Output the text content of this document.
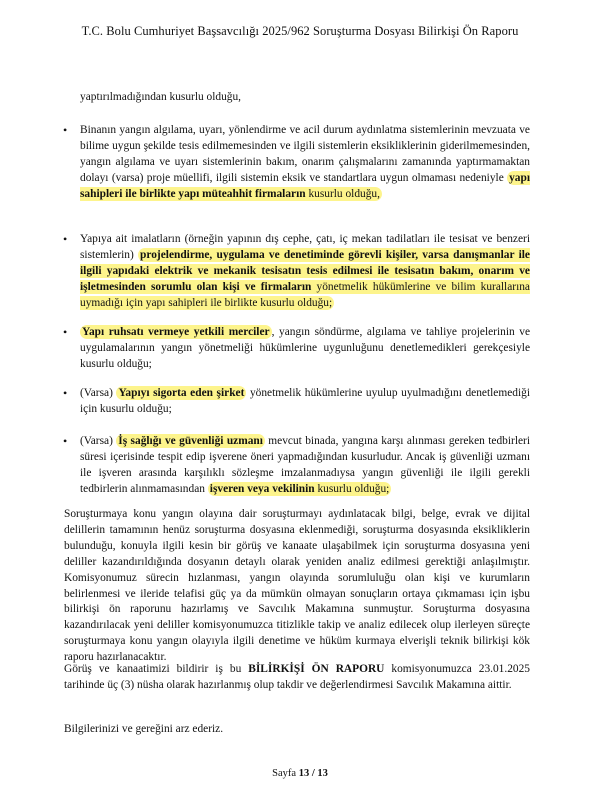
T.C. Bolu Cumhuriyet Başsavcılığı 2025/962 Soruşturma Dosyası Bilirkişi Ön Raporu
yaptırılmadığından kusurlu olduğu,
• Binanın yangın algılama, uyarı, yönlendirme ve acil durum aydınlatma sistemlerinin mevzuata ve bilime uygun şekilde tesis edilmemesinden ve ilgili sistemlerin eksikliklerinin giderilmemesinden, yangın algılama ve uyarı sistemlerinin bakım, onarım çalışmalarını zamanında yaptırmamaktan dolayı (varsa) proje müellifi, ilgili sistemin eksik ve standartlara uygun olmaması nedeniyle yapı sahipleri ile birlikte yapı müteahhit firmaların kusurlu olduğu,
• Yapıya ait imalatların (örneğin yapının dış cephe, çatı, iç mekan tadilatları ile tesisat ve benzeri sistemlerin) projelendirme, uygulama ve denetiminde görevli kişiler, varsa danışmanlar ile ilgili yapıdaki elektrik ve mekanik tesisatın tesis edilmesi ile tesisatın bakım, onarım ve işletmesinden sorumlu olan kişi ve firmaların yönetmelik hükümlerine ve bilim kurallarına uymadığı için yapı sahipleri ile birlikte kusurlu olduğu;
• Yapı ruhsatı vermeye yetkili merciler , yangın söndürme, algılama ve tahliye projelerinin ve uygulamalarının yangın yönetmeliği hükümlerine uygunluğunu denetlemedikleri gerekçesiyle kusurlu olduğu;
• (Varsa) Yapıyı sigorta eden şirket yönetmelik hükümlerine uyulup uyulmadığını denetlemediği için kusurlu olduğu;
• (Varsa) İş sağlığı ve güvenliği uzmanı mevcut binada, yangına karşı alınması gereken tedbirleri süresi içerisinde tespit edip işverene öneri yapmadığından kusurludur. Ancak iş güvenliği uzmanı ile işveren arasında karşılıklı sözleşme imzalanmadıysa yangın güvenliği ile ilgili gerekli tedbirlerin alınmamasından işveren veya vekilinin kusurlu olduğu;
Soruşturmaya konu yangın olayına dair soruşturmayı aydınlatacak bilgi, belge, evrak ve dijital delillerin tamamının henüz soruşturma dosyasına eklenmediği, soruşturma dosyasında eksikliklerin bulunduğu, konuyla ilgili kesin bir görüş ve kanaate ulaşabilmek için soruşturma dosyasına yeni deliller kazandırıldığında dosyanın detaylı olarak yeniden analiz edilmesi gerektiği anlaşılmıştır. Komisyonumuz sürecin hızlanması, yangın olayında sorumluluğu olan kişi ve kurumların belirlenmesi ve ileride telafisi güç ya da mümkün olmayan sonuçların ortaya çıkmaması için işbu bilirkişi ön raporunu hazırlamış ve Savcılık Makamına sunmuştur. Soruşturma dosyasına kazandırılacak yeni deliller komisyonumuzca titizlikle takip ve analiz edilecek olup ilerleyen süreçte soruşturmaya konu yangın olayıyla ilgili denetime ve hüküm kurmaya elverişli teknik bilirkişi kök raporu hazırlanacaktır.
Görüş ve kanaatimizi bildirir iş bu BİLİRKİŞİ ÖN RAPORU komisyonumuzca 23.01.2025 tarihinde üç (3) nüsha olarak hazırlanmış olup takdir ve değerlendirmesi Savcılık Makamına aittir.
Bilgilerinizi ve gereğini arz ederiz.
Sayfa 13 / 13
